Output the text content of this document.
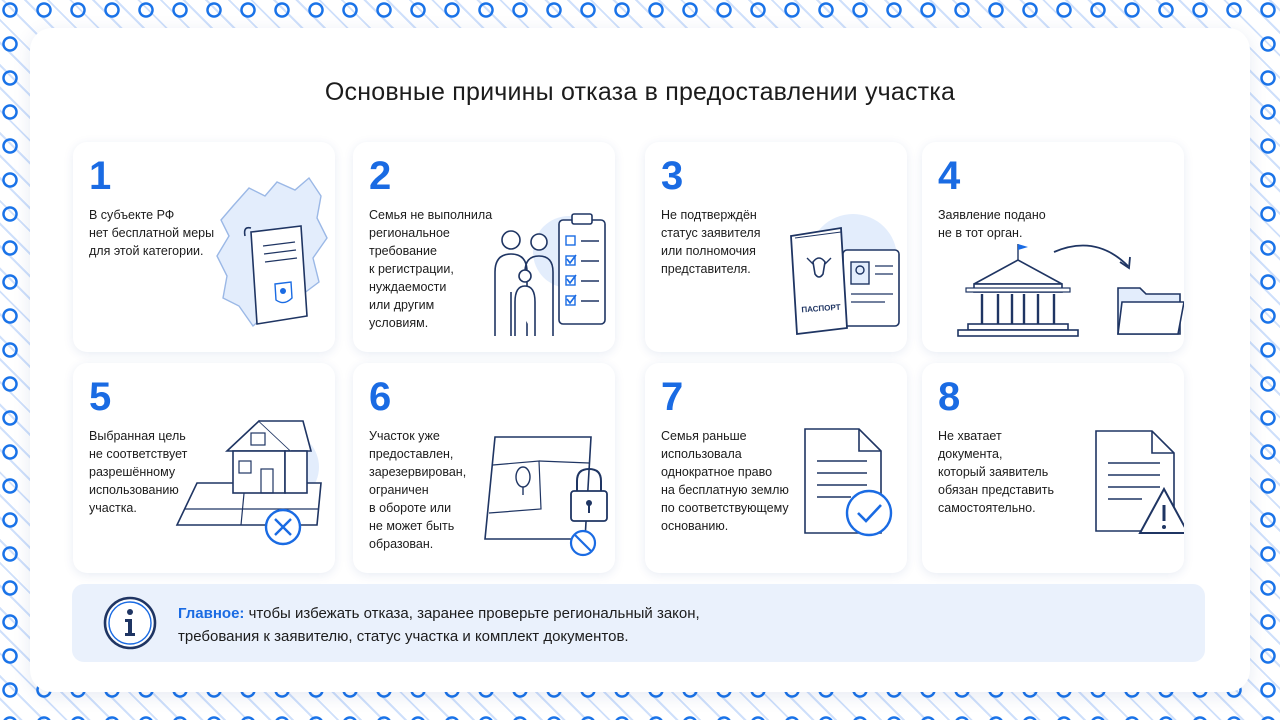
Основные причины отказа в предоставлении участка
1
В субъекте РФ
нет бесплатной меры
для этой категории.
2
Семья не выполнила
региональное
требование
к регистрации,
нуждаемости
или другим
условиям.
3
Не подтверждён
статус заявителя
или полномочия
представителя.
ПАСПОРТ
4
Заявление подано
не в тот орган.
5
Выбранная цель
не соответствует
разрешённому
использованию
участка.
6
Участок уже
предоставлен,
зарезервирован,
ограничен
в обороте или
не может быть
образован.
7
Семья раньше
использовала
однократное право
на бесплатную землю
по соответствующему
основанию.
8
Не хватает
документа,
который заявитель
обязан представить
самостоятельно.
Главное: чтобы избежать отказа, заранее проверьте региональный закон,
требования к заявителю, статус участка и комплект документов.
